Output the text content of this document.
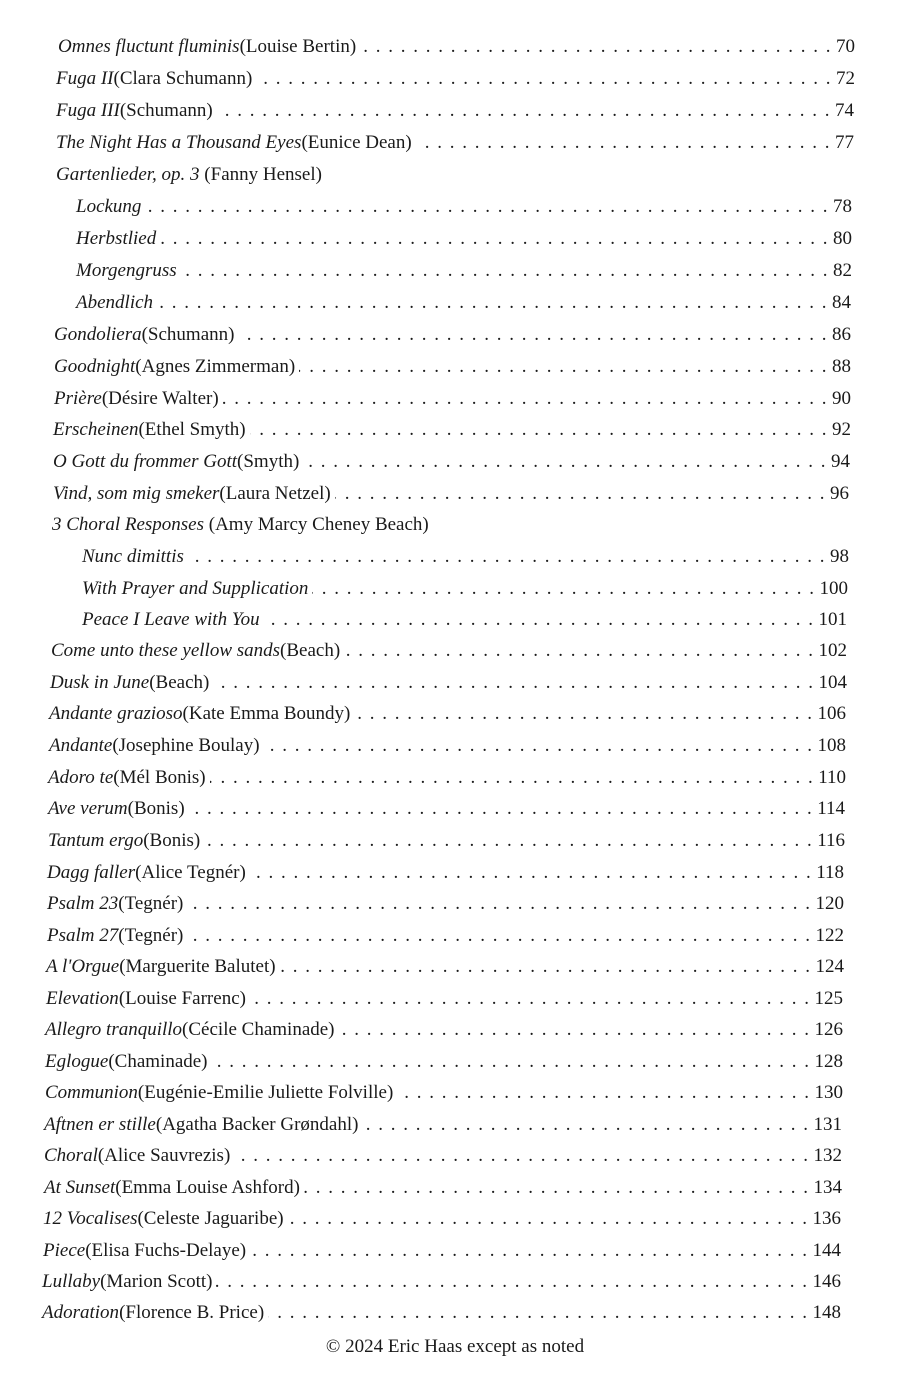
Omnes fluctunt fluminis (Louise Bertin) . . .	70
Fuga II (Clara Schumann) . . .	72
Fuga III (Schumann) . . .	74
The Night Has a Thousand Eyes (Eunice Dean) . . .	77
Gartenlieder, op. 3 (Fanny Hensel)
Lockung . . .	78
Herbstlied . . .	80
Morgengruss . . .	82
Abendlich . . .	84
Gondoliera (Schumann) . . .	86
Goodnight (Agnes Zimmerman) . . .	88
Prière (Désire Walter) . . .	90
Erscheinen (Ethel Smyth) . . .	92
O Gott du frommer Gott (Smyth) . . .	94
Vind, som mig smeker (Laura Netzel) . . .	96
3 Choral Responses (Amy Marcy Cheney Beach)
Nunc dimittis . . .	98
With Prayer and Supplication . . .	100
Peace I Leave with You . . .	101
Come unto these yellow sands (Beach) . . .	102
Dusk in June (Beach) . . .	104
Andante grazioso (Kate Emma Boundy) . . .	106
Andante (Josephine Boulay) . . .	108
Adoro te (Mél Bonis) . . .	110
Ave verum (Bonis) . . .	114
Tantum ergo (Bonis) . . .	116
Dagg faller (Alice Tegnér) . . .	118
Psalm 23 (Tegnér) . . .	120
Psalm 27 (Tegnér) . . .	122
A l'Orgue (Marguerite Balutet) . . .	124
Elevation (Louise Farrenc) . . .	125
Allegro tranquillo (Cécile Chaminade) . . .	126
Eglogue (Chaminade) . . .	128
Communion (Eugénie-Emilie Juliette Folville) . . .	130
Aftnen er stille (Agatha Backer Grøndahl) . . .	131
Choral (Alice Sauvrezis) . . .	132
At Sunset (Emma Louise Ashford) . . .	134
12 Vocalises (Celeste Jaguaribe) . . .	136
Piece (Elisa Fuchs-Delaye) . . .	144
Lullaby (Marion Scott) . . .	146
Adoration (Florence B. Price) . . .	148
© 2024 Eric Haas except as noted
